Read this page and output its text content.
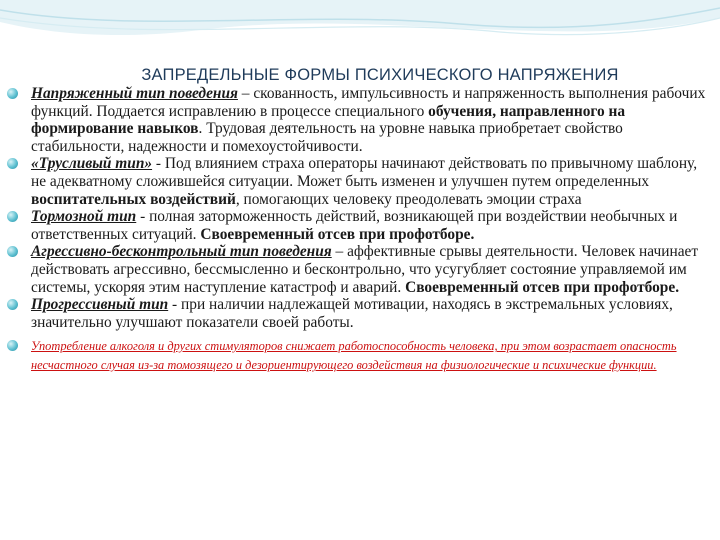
ЗАПРЕДЕЛЬНЫЕ ФОРМЫ ПСИХИЧЕСКОГО НАПРЯЖЕНИЯ
Напряженный тип поведения – скованность, импульсивность и напряженность выполнения рабочих функций. Поддается исправлению в процессе специального обучения, направленного на формирование навыков. Трудовая деятельность на уровне навыка приобретает свойство стабильности, надежности и помехоустойчивости.
«Трусливый тип» - Под влиянием страха операторы начинают действовать по привычному шаблону, не адекватному сложившейся ситуации. Может быть изменен и улучшен путем определенных воспитательных воздействий, помогающих человеку преодолевать эмоции страха
Тормозной тип - полная заторможенность действий, возникающей при воздействии необычных и ответственных ситуаций. Своевременный отсев при профотборе.
Агрессивно-бесконтрольный тип поведения – аффективные срывы деятельности. Человек начинает действовать агрессивно, бессмысленно и бесконтрольно, что усугубляет состояние управляемой им системы, ускоряя этим наступление катастроф и аварий. Своевременный отсев при профотборе.
Прогрессивный тип - при наличии надлежащей мотивации, находясь в экстремальных условиях, значительно улучшают показатели своей работы.
Употребление алкоголя и других стимуляторов снижает работоспособность человека, при этом возрастает опасность несчастного случая из-за томозящего и дезориентирующего воздействия на физиологические и психические функции.
